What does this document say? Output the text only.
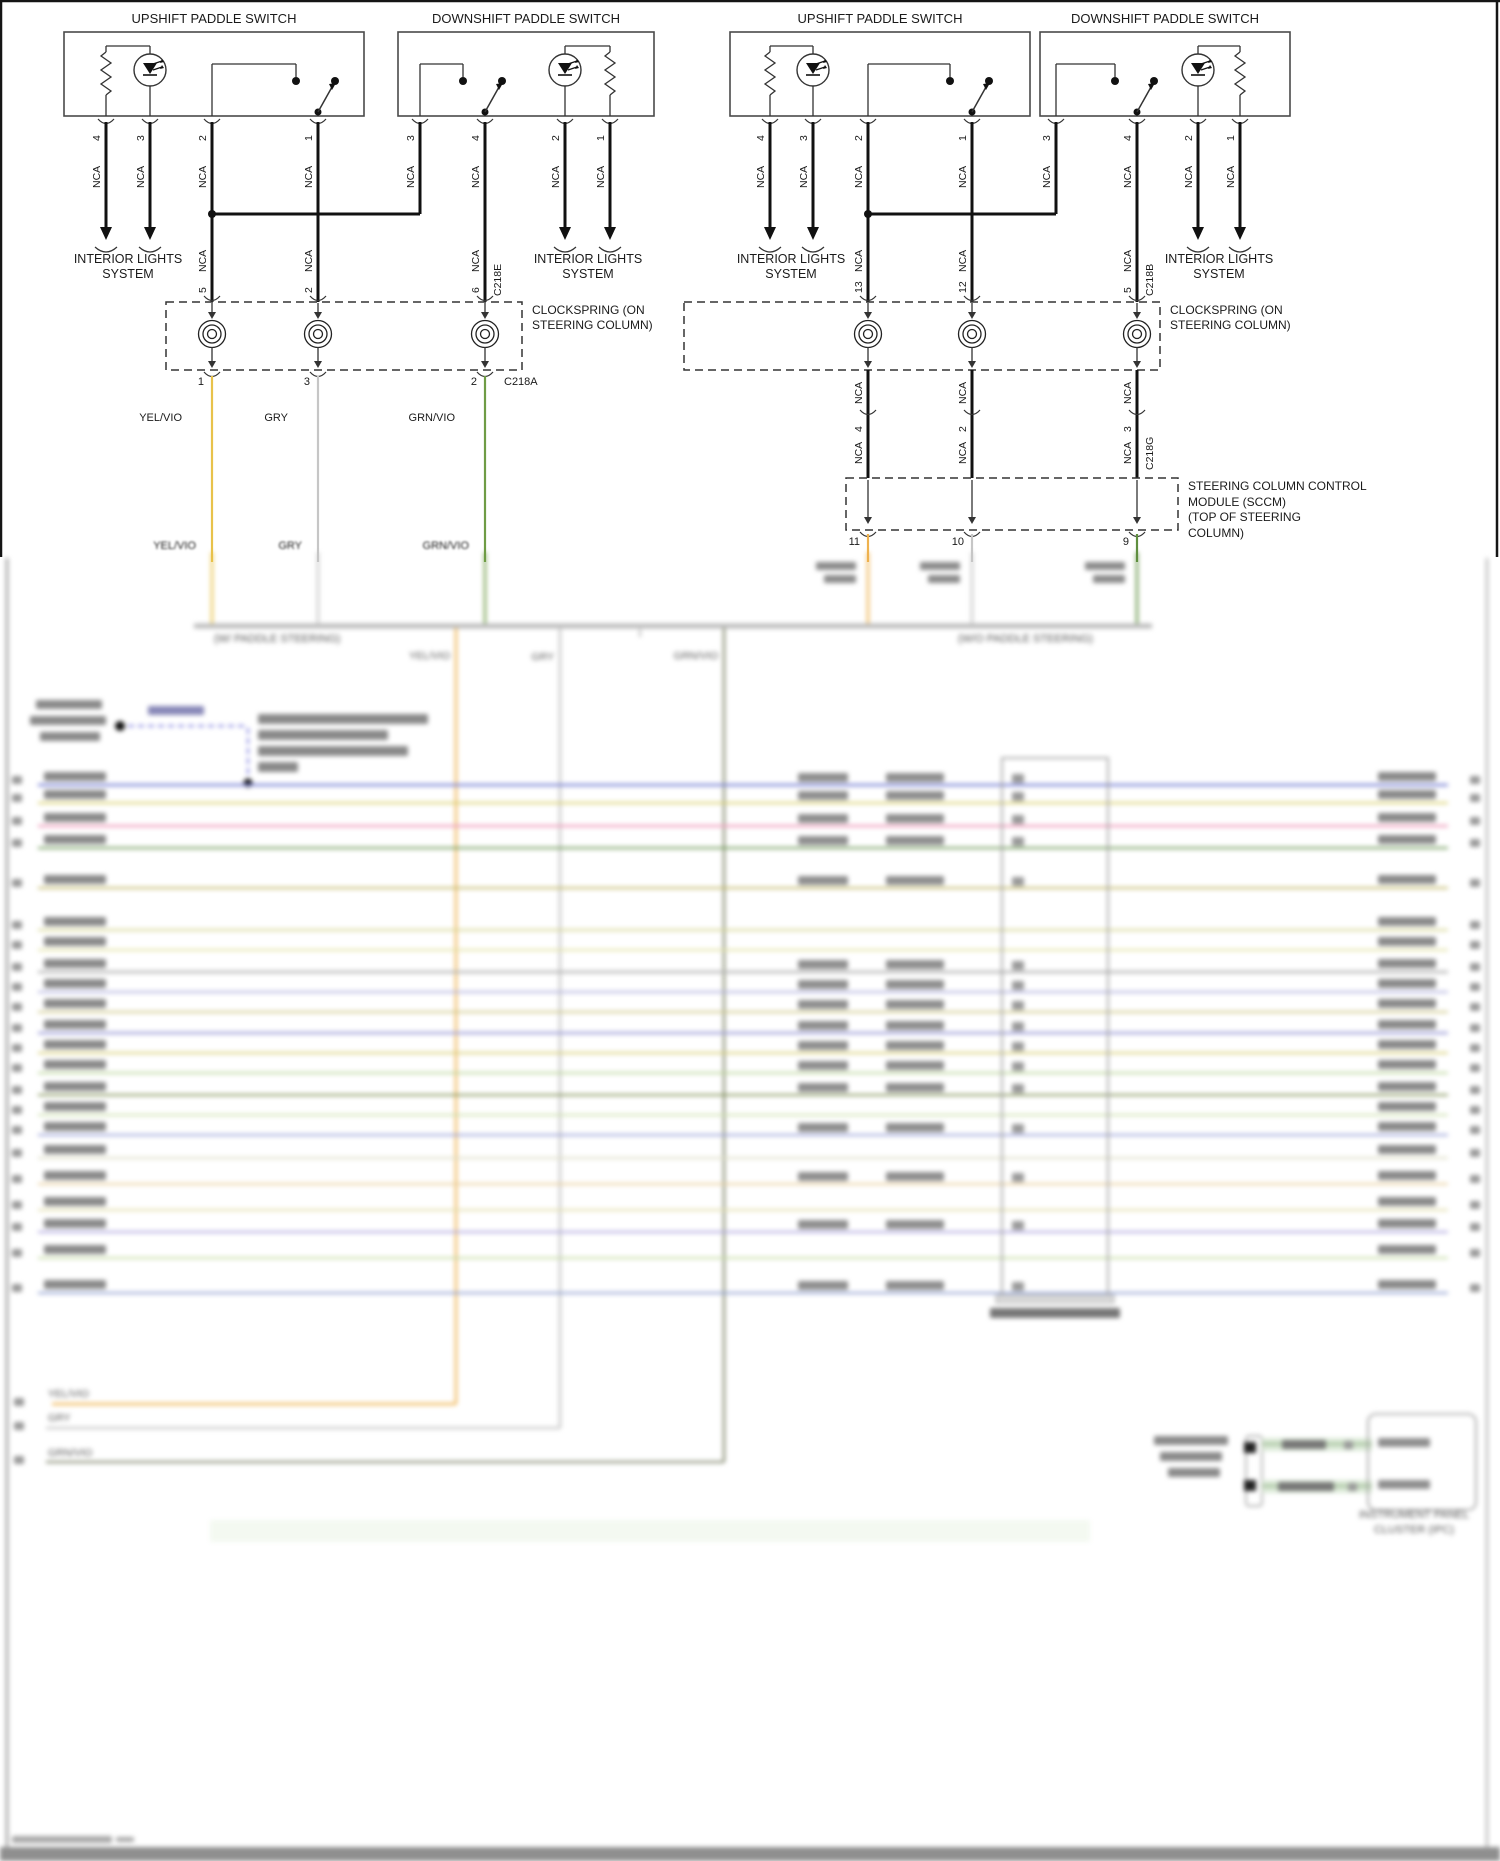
(W/ PADDLE STEERING)	(W/O PADDLE STEERING)
YEL/VIO	GRY	GRN/VIO
YEL/VIO
GRY
GRN/VIO
INSTRUMENT PANEL
CLUSTER (IPC)
UPSHIFT PADDLE SWITCH	DOWNSHIFT PADDLE SWITCH	UPSHIFT PADDLE SWITCH	DOWNSHIFT PADDLE SWITCH
INTERIOR LIGHTS
SYSTEM
INTERIOR LIGHTS
SYSTEM
INTERIOR LIGHTS
SYSTEM
INTERIOR LIGHTS
SYSTEM
CLOCKSPRING (ON
STEERING COLUMN)
CLOCKSPRING (ON
STEERING COLUMN)
STEERING COLUMN CONTROL
MODULE (SCCM)
(TOP OF STEERING
COLUMN)
C218E
C218A
C218B
C218G
YEL/VIO	GRY	GRN/VIO
YEL/VIO	GRY	GRN/VIO	11	10	9
4
NCA
3
NCA
2
NCA
1
NCA
3
NCA
4
NCA
2
NCA
1
NCA
4
NCA
3
NCA
2
NCA
1
NCA
3
NCA
4
NCA
2
NCA
1
NCA
NCA
5
NCA
2
NCA
6
NCA
13
NCA
12
NCA
5
1	3	2	NCA
4
NCA
NCA
2
NCA
NCA
3
NCA
